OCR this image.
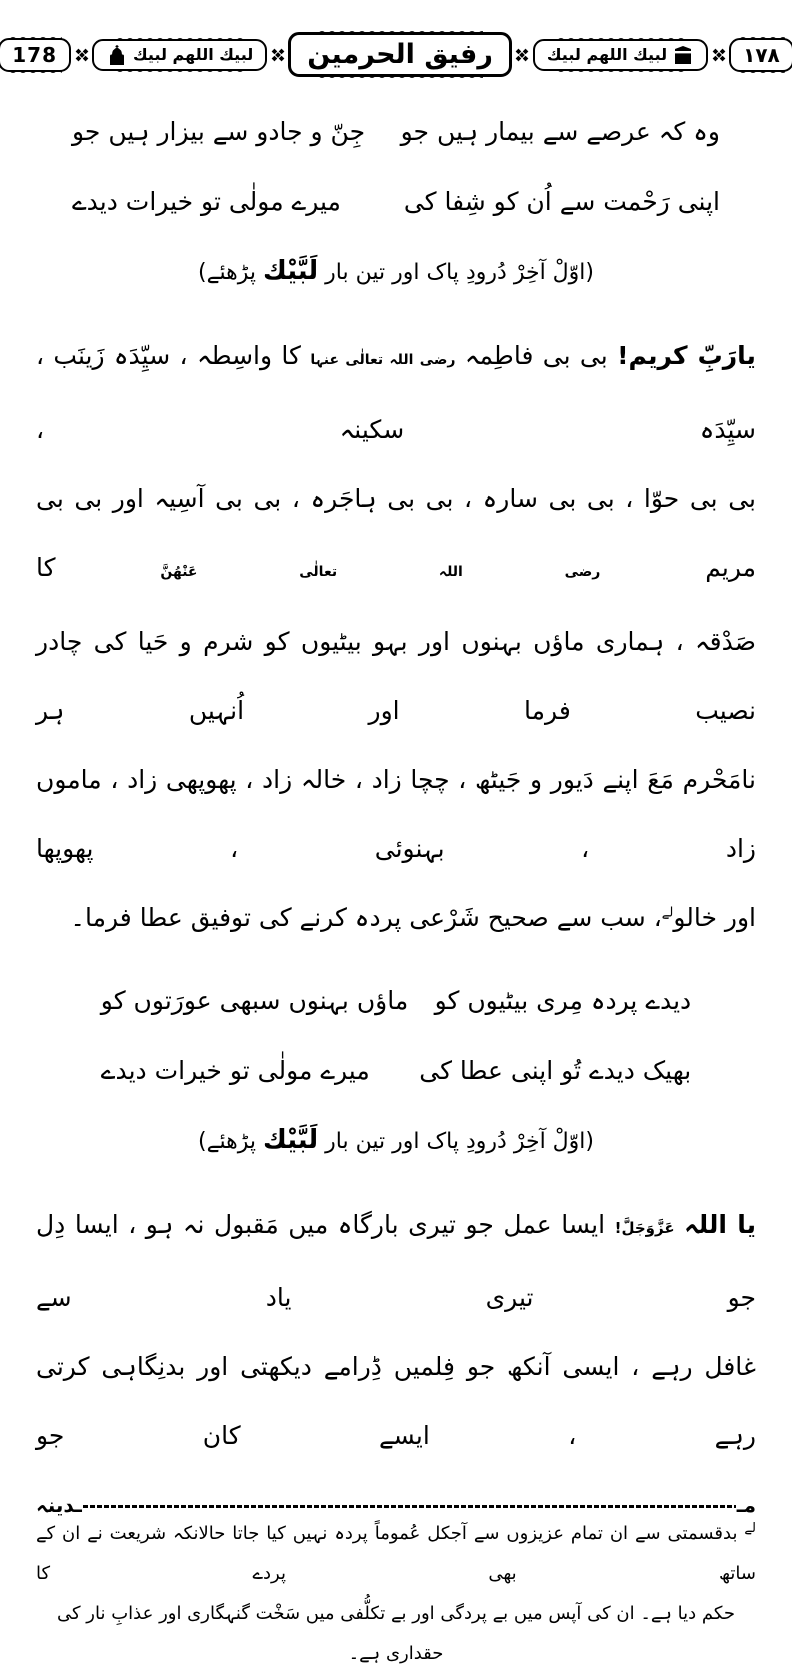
178	لبيك اللهم لبيك رفيق الحرمين	لبيك اللهم لبيك	١٧٨
وہ کہ عرصے سے بیمار ہیں جو
جِنّ و جادو سے بیزار ہیں جو
اپنی رَحْمت سے اُن کو شِفا کی
میرے مولٰی تو خیرات دیدے
(اوّلْ آخِرْ دُرودِ پاک اور تین بار لَبَّيْك پڑھئے)
یارَبِّ کریم! بی بی فاطِمہ رضی اللہ تعالٰی عنہا کا واسِطہ ، سیِّدَہ زَینَب ، سیِّدَہ سکینہ ،
بی بی حوّا ، بی بی سارہ ، بی بی ہاجَرہ ، بی بی آسِیہ اور بی بی مریم رضی اللہ تعالٰی عَنْهُنَّ کا
صَدْقہ ، ہماری ماؤں بہنوں اور بہو بیٹیوں کو شرم و حَیا کی چادر نصیب فرما اور اُنہیں ہر
نامَحْرم مَعَ اپنے دَیور و جَیٹھ ، چچا زاد ، خالہ زاد ، پھوپھی زاد ، ماموں زاد ، بہنوئی ، پھوپھا
اور خالو$^{لے}$، سب سے صحیح شَرْعی پردہ کرنے کی توفیق عطا فرما۔
دیدے پردہ مِری بیٹیوں کو
ماؤں بہنوں سبھی عورَتوں کو
بھیک دیدے تُو اپنی عطا کی
میرے مولٰی تو خیرات دیدے
(اوّلْ آخِرْ دُرودِ پاک اور تین بار لَبَّيْك پڑھئے)
یا اللہ عَزَّوَجَلَّ! ایسا عمل جو تیری بارگاہ میں مَقبول نہ ہو ، ایسا دِل جو تیری یاد سے
غافل رہے ، ایسی آنکھ جو فِلمیں ڈِرامے دیکھتی اور بدنِگاہی کرتی رہے ، ایسے کان جو
مـ
ـدینہ
$^{لے}$ بدقسمتی سے ان تمام عزیزوں سے آجکل عُموماً پردہ نہیں کیا جاتا حالانکہ شریعت نے ان کے ساتھ بھی پردے کا
حکم دیا ہے۔ ان کی آپس میں بے پردگی اور بے تکلُّفی میں سَخْت گنہگاری اور عذابِ نار کی حقداری ہے۔
